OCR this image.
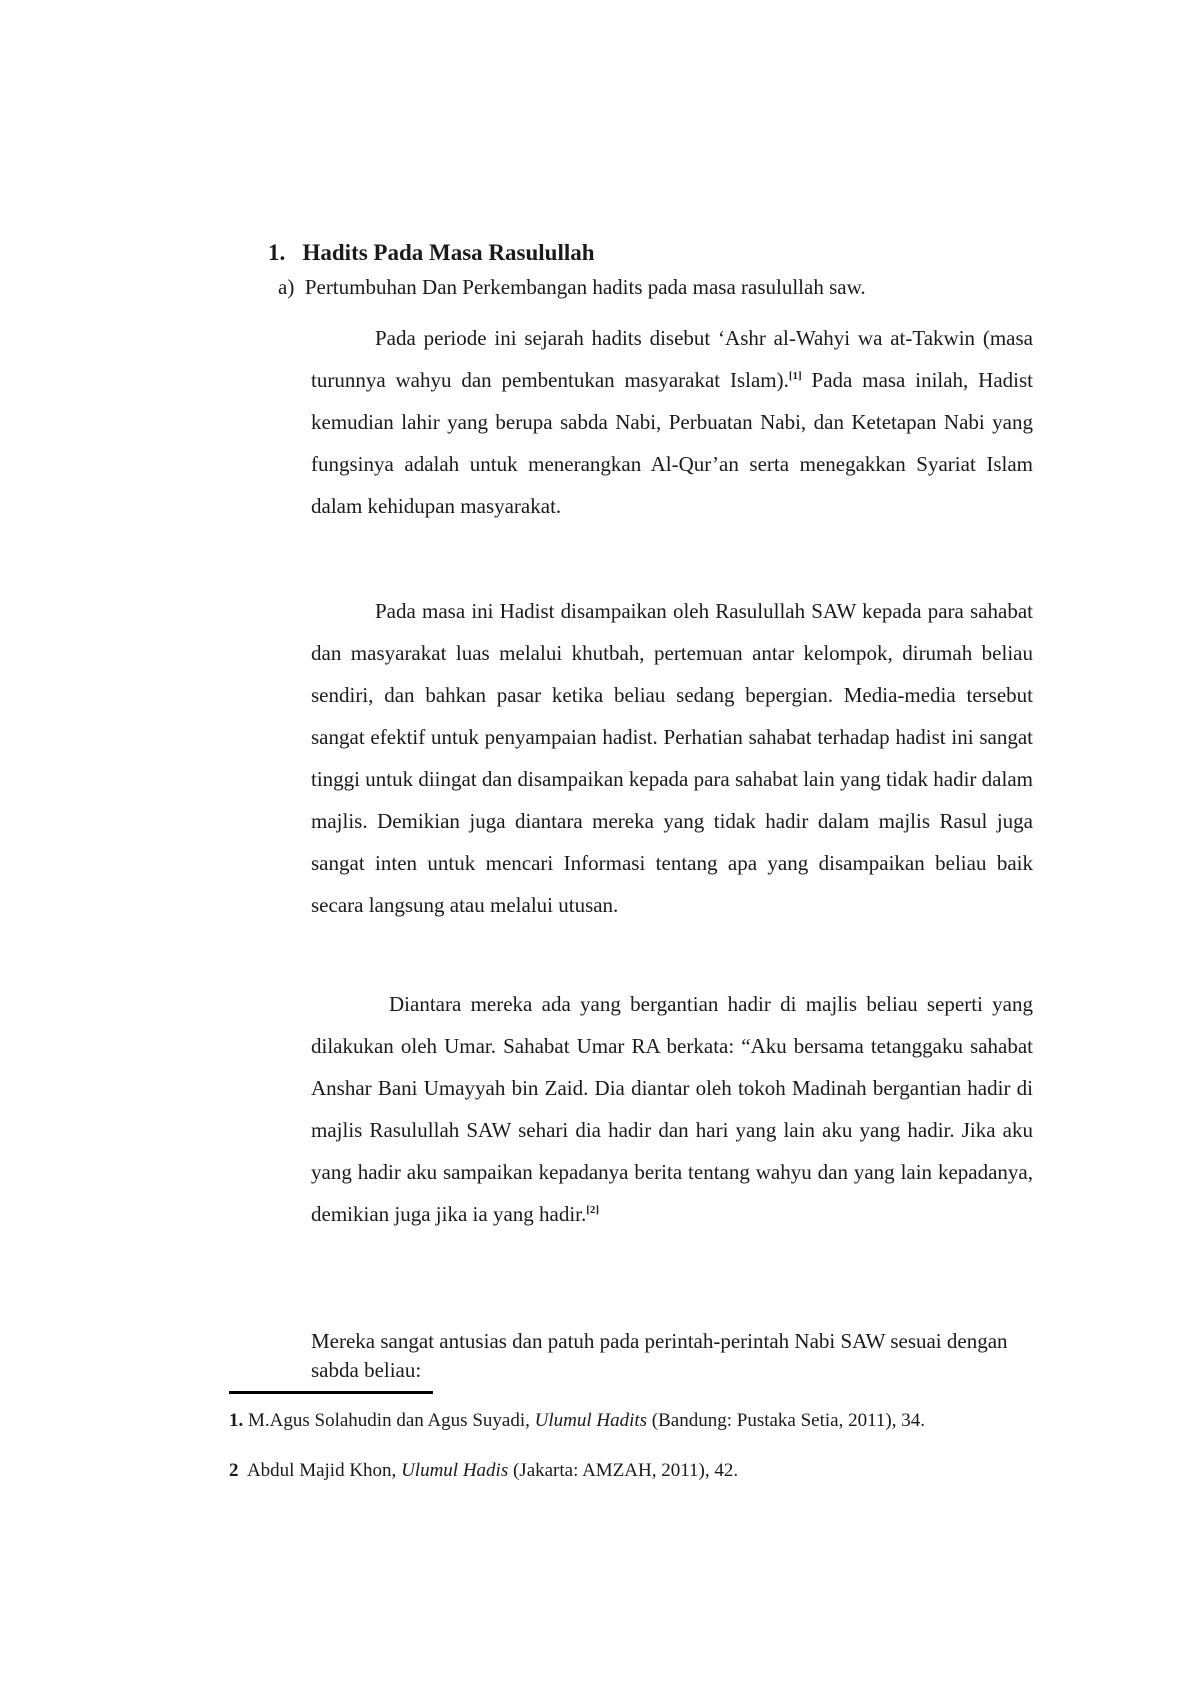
1.   Hadits Pada Masa Rasulullah
a)  Pertumbuhan Dan Perkembangan hadits pada masa rasulullah saw.

Pada periode ini sejarah hadits disebut ‘Ashr al-Wahyi wa at-Takwin (masa turunnya wahyu dan pembentukan masyarakat Islam).[1] Pada masa inilah, Hadist kemudian lahir yang berupa sabda Nabi, Perbuatan Nabi, dan Ketetapan Nabi yang fungsinya adalah untuk menerangkan Al-Qur’an serta menegakkan Syariat Islam dalam kehidupan masyarakat.

Pada masa ini Hadist disampaikan oleh Rasulullah SAW kepada para sahabat dan masyarakat luas melalui khutbah, pertemuan antar kelompok, dirumah beliau sendiri, dan bahkan pasar ketika beliau sedang bepergian. Media-media tersebut sangat efektif untuk penyampaian hadist. Perhatian sahabat terhadap hadist ini sangat tinggi untuk diingat dan disampaikan kepada para sahabat lain yang tidak hadir dalam majlis. Demikian juga diantara mereka yang tidak hadir dalam majlis Rasul juga sangat inten untuk mencari Informasi tentang apa yang disampaikan beliau baik secara langsung atau melalui utusan.

Diantara mereka ada yang bergantian hadir di majlis beliau seperti yang dilakukan oleh Umar. Sahabat Umar RA berkata: “Aku bersama tetanggaku sahabat Anshar Bani Umayyah bin Zaid. Dia diantar oleh tokoh Madinah bergantian hadir di majlis Rasulullah SAW sehari dia hadir dan hari yang lain aku yang hadir. Jika aku yang hadir aku sampaikan kepadanya berita tentang wahyu dan yang lain kepadanya, demikian juga jika ia yang hadir.[2]

Mereka sangat antusias dan patuh pada perintah-perintah Nabi SAW sesuai dengan sabda beliau:

1. M.Agus Solahudin dan Agus Suyadi, Ulumul Hadits (Bandung: Pustaka Setia, 2011), 34.
2  Abdul Majid Khon, Ulumul Hadis (Jakarta: AMZAH, 2011), 42.
